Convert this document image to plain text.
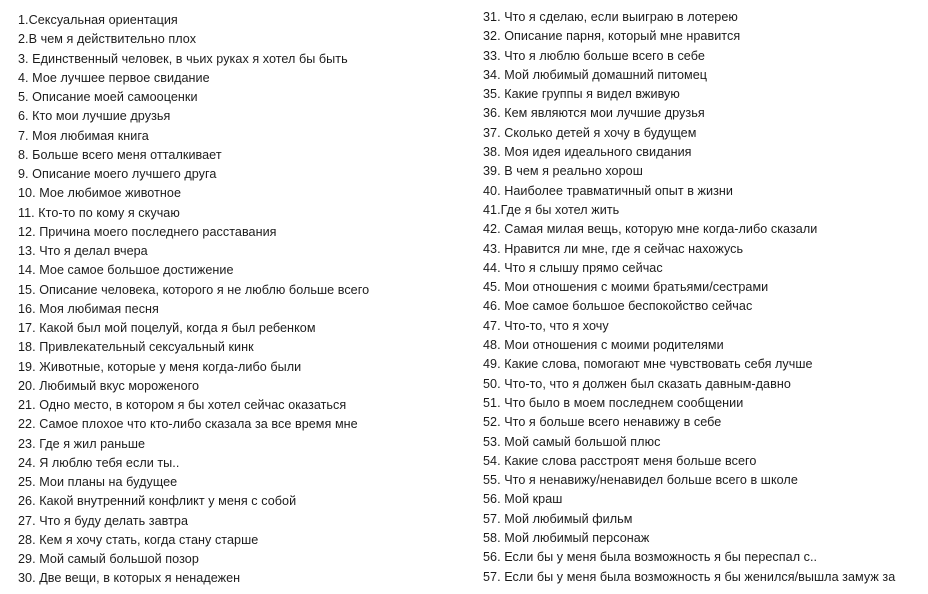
1.Сексуальная ориентация
2.В чем я действительно плох
3. Единственный человек, в чьих руках я хотел бы быть
4. Мое лучшее первое свидание
5. Описание моей самооценки
6. Кто мои лучшие друзья
7. Моя любимая книга
8. Больше всего меня отталкивает
9. Описание моего лучшего друга
10. Мое любимое животное
11. Кто-то по кому я скучаю
12. Причина моего последнего расставания
13. Что я делал вчера
14. Мое самое большое достижение
15. Описание человека, которого я не люблю больше всего
16. Моя любимая песня
17. Какой был мой поцелуй, когда я был ребенком
18. Привлекательный сексуальный кинк
19. Животные, которые у меня когда-либо были
20. Любимый вкус мороженого
21. Одно место, в котором я бы хотел сейчас оказаться
22. Самое плохое что кто-либо сказала за все время мне
23. Где я жил раньше
24. Я люблю тебя если ты..
25. Мои планы на будущее
26. Какой внутренний конфликт у меня с собой
27. Что я буду делать завтра
28. Кем я хочу стать, когда стану старше
29. Мой самый большой позор
30. Две вещи, в которых я ненадежен
31. Что я сделаю, если выиграю в лотерею
32. Описание парня, который мне нравится
33. Что я люблю больше всего в себе
34. Мой любимый домашний питомец
35. Какие группы я видел вживую
36. Кем являются мои лучшие друзья
37. Сколько детей я хочу в будущем
38. Моя идея идеального свидания
39. В чем я реально хорош
40. Наиболее травматичный опыт в жизни
41.Где я бы хотел жить
42. Самая милая вещь, которую мне когда-либо сказали
43. Нравится ли мне, где я сейчас нахожусь
44. Что я слышу прямо сейчас
45. Мои отношения с моими братьями/сестрами
46. Мое самое большое беспокойство сейчас
47. Что-то, что я хочу
48. Мои отношения с моими родителями
49. Какие слова, помогают мне чувствовать себя лучше
50. Что-то, что я должен был сказать давным-давно
51. Что было в моем последнем сообщении
52. Что я больше всего ненавижу в себе
53. Мой самый большой плюс
54. Какие слова расстроят меня больше всего
55. Что я ненавижу/ненавидел больше всего в школе
56. Мой краш
57. Мой любимый фильм
58. Мой любимый персонаж
56. Если бы у меня была возможность я бы переспал с..
57. Если бы у меня была возможность я бы женился/вышла замуж за
